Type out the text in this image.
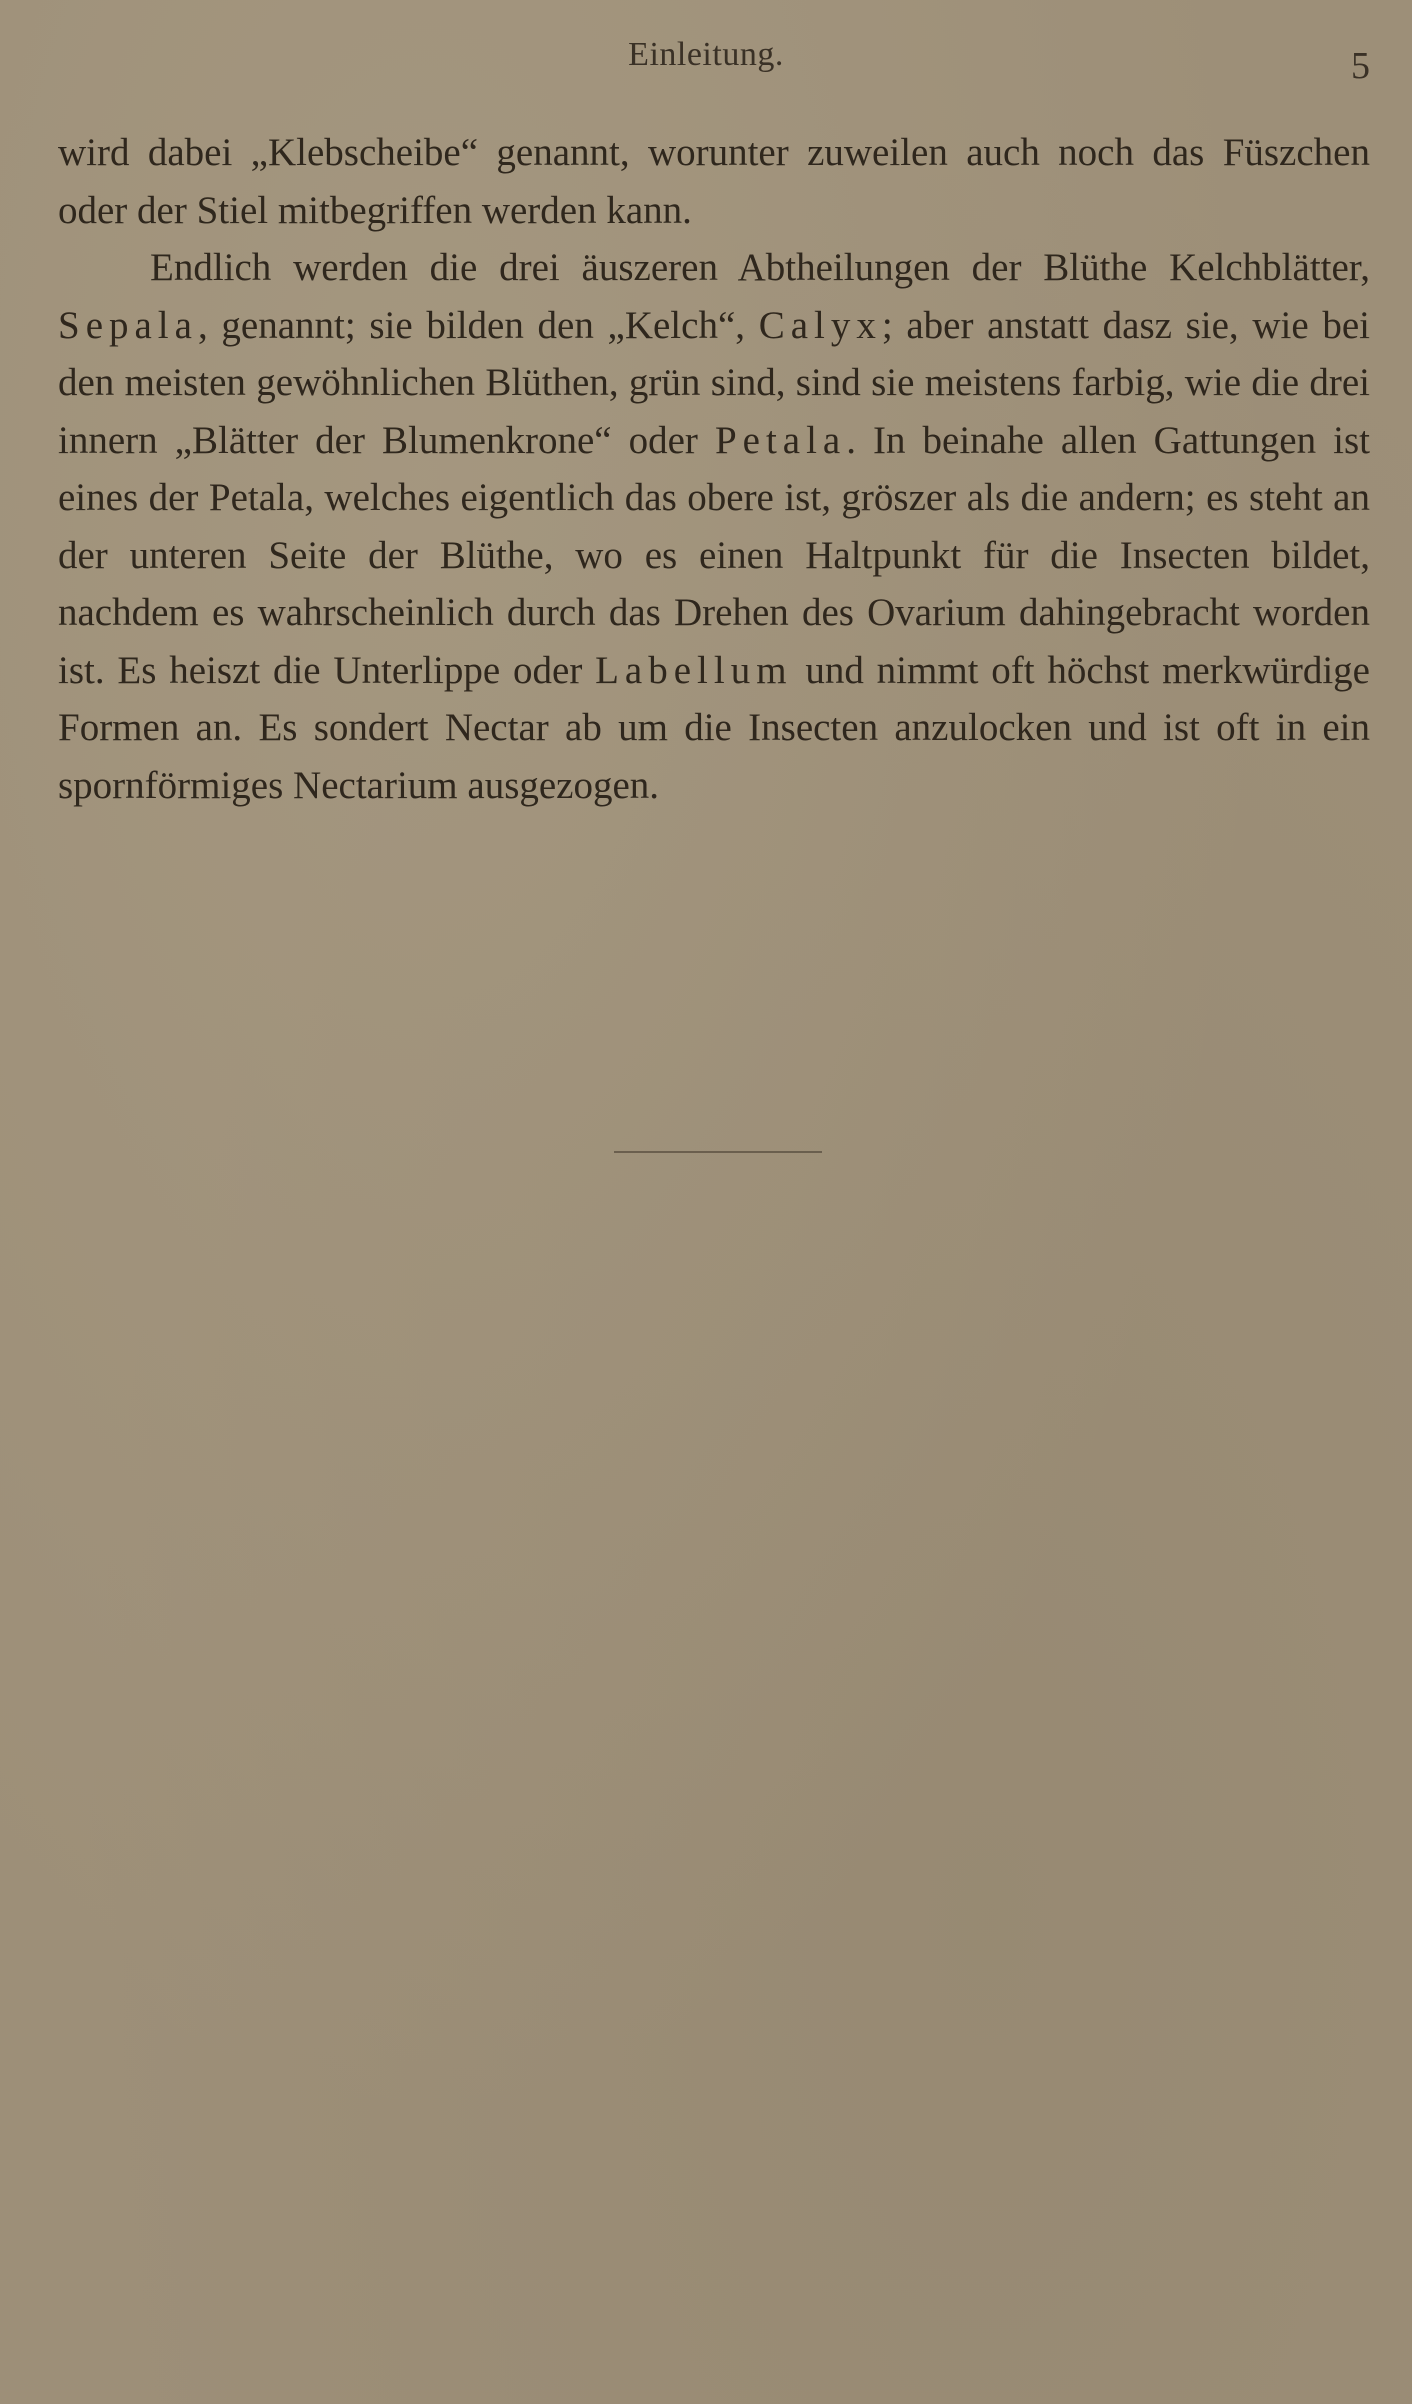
Einleitung.	5

wird dabei „Klebscheibe“ genannt, worunter zuweilen auch noch das Füszchen oder der Stiel mitbegriffen werden kann.

Endlich werden die drei äuszeren Abtheilungen der Blüthe Kelchblätter, Sepala, genannt; sie bilden den „Kelch“, Calyx; aber anstatt dasz sie, wie bei den meisten gewöhnlichen Blüthen, grün sind, sind sie meistens farbig, wie die drei innern „Blätter der Blumenkrone“ oder Petala. In beinahe allen Gattungen ist eines der Petala, welches eigentlich das obere ist, gröszer als die andern; es steht an der unteren Seite der Blüthe, wo es einen Haltpunkt für die Insecten bildet, nachdem es wahrscheinlich durch das Drehen des Ovarium dahingebracht worden ist. Es heiszt die Unterlippe oder Labellum und nimmt oft höchst merkwürdige Formen an. Es sondert Nectar ab um die Insecten anzulocken und ist oft in ein spornförmiges Nectarium ausgezogen.
